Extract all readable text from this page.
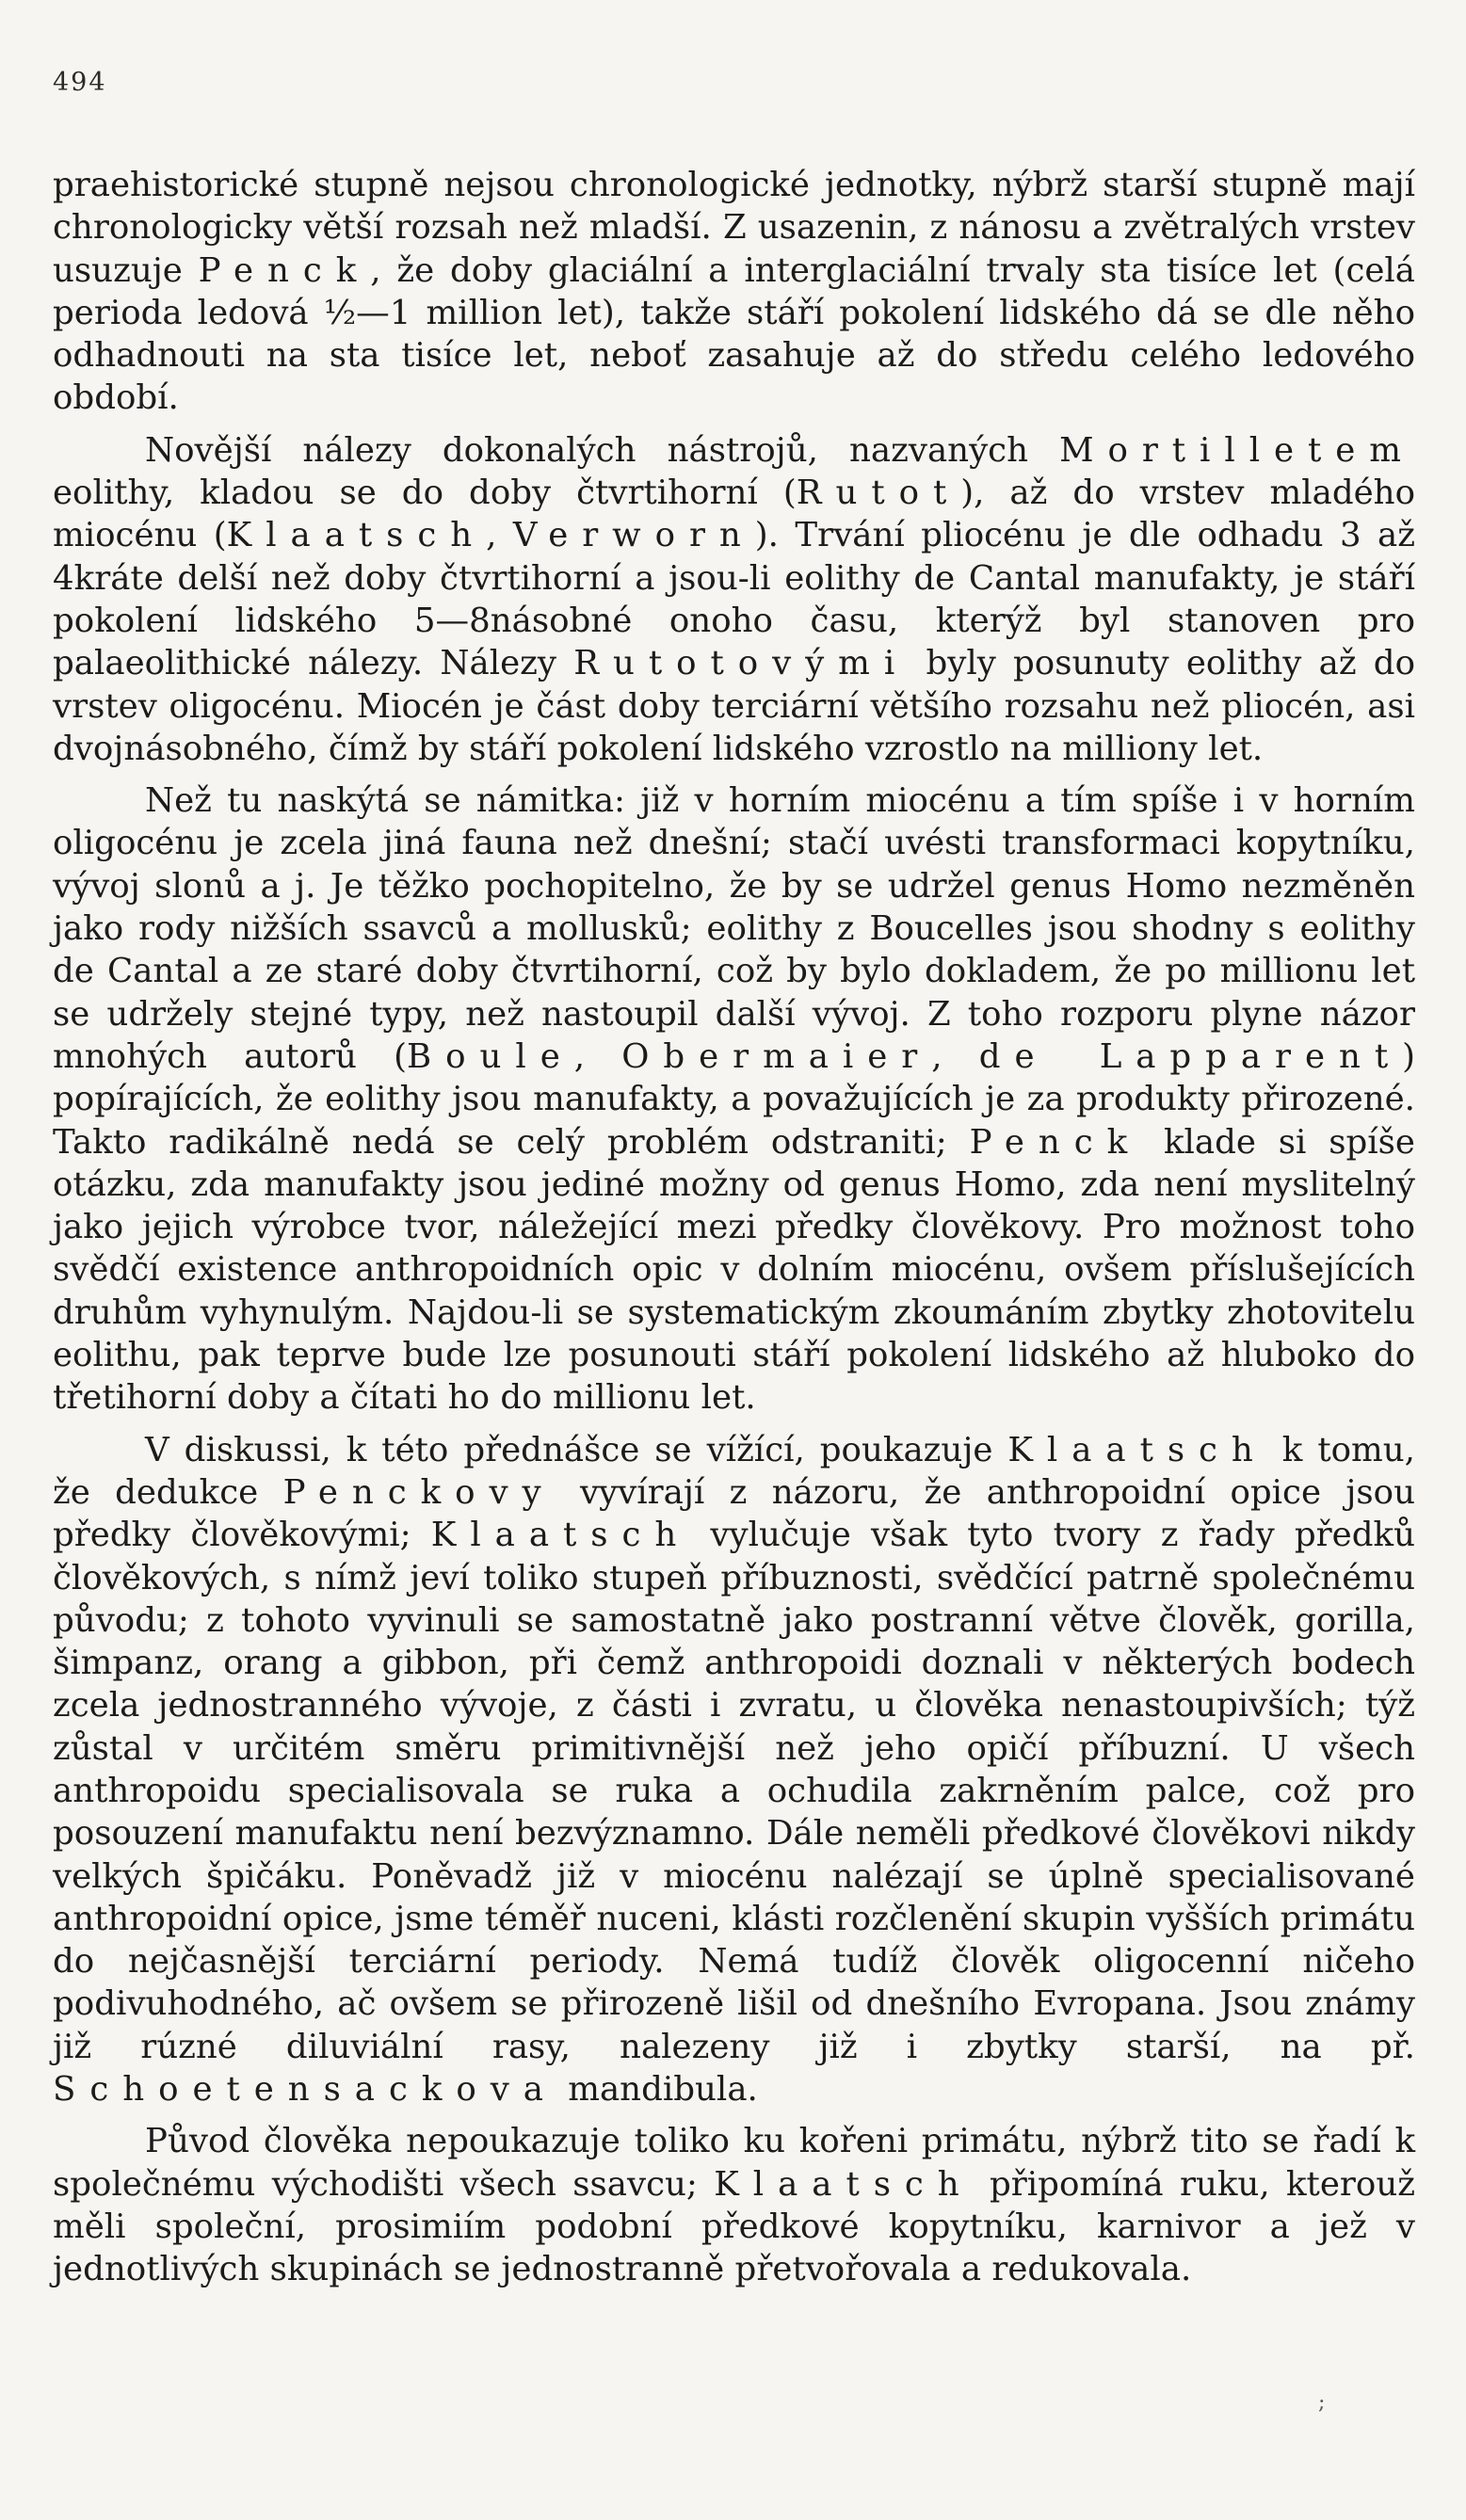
494

praehistorické stupně nejsou chronologické jednotky, nýbrž starší stupně mají chronologicky větší rozsah než mladší. Z usazenin, z nánosu a zvětralých vrstev usuzuje Penck, že doby glaciální a interglaciální trvaly sta tisíce let (celá perioda ledová ½—1 million let), takže stáří pokolení lidského dá se dle něho odhadnouti na sta tisíce let, neboť zasahuje až do středu celého ledového období.

Novější nálezy dokonalých nástrojů, nazvaných Mortilletem eolithy, kladou se do doby čtvrtihorní (Rutot), až do vrstev mladého miocénu (Klaatsch, Verworn). Trvání pliocénu je dle odhadu 3 až 4kráte delší než doby čtvrtihorní a jsou-li eolithy de Cantal manufakty, je stáří pokolení lidského 5—8násobné onoho času, kterýž byl stanoven pro palaeolithické nálezy. Nálezy Rutotovými byly posunuty eolithy až do vrstev oligocénu. Miocén je část doby terciární většího rozsahu než pliocén, asi dvojnásobného, čímž by stáří pokolení lidského vzrostlo na milliony let.

Než tu naskýtá se námitka: již v horním miocénu a tím spíše i v horním oligocénu je zcela jiná fauna než dnešní; stačí uvésti transformaci kopytníku, vývoj slonů a j. Je těžko pochopitelno, že by se udržel genus Homo nezměněn jako rody nižších ssavců a mollusků; eolithy z Boucelles jsou shodny s eolithy de Cantal a ze staré doby čtvrtihorní, což by bylo dokladem, že po millionu let se udržely stejné typy, než nastoupil další vývoj. Z toho rozporu plyne názor mnohých autorů (Boule, Obermaier, de Lapparent) popírajících, že eolithy jsou manufakty, a považujících je za produkty přirozené. Takto radikálně nedá se celý problém odstraniti; Penck klade si spíše otázku, zda manufakty jsou jediné možny od genus Homo, zda není myslitelný jako jejich výrobce tvor, náležející mezi předky člověkovy. Pro možnost toho svědčí existence anthropoidních opic v dolním miocénu, ovšem příslušejících druhům vyhynulým. Najdou-li se systematickým zkoumáním zbytky zhotovitelu eolithu, pak teprve bude lze posunouti stáří pokolení lidského až hluboko do třetihorní doby a čítati ho do millionu let.

V diskussi, k této přednášce se vížící, poukazuje Klaatsch k tomu, že dedukce Penckovy vyvírají z názoru, že anthropoidní opice jsou předky člověkovými; Klaatsch vylučuje však tyto tvory z řady předků člověkových, s nímž jeví toliko stupeň příbuznosti, svědčící patrně společnému původu; z tohoto vyvinuli se samostatně jako postranní větve člověk, gorilla, šimpanz, orang a gibbon, při čemž anthropoidi doznali v některých bodech zcela jednostranného vývoje, z části i zvratu, u člověka nenastoupivších; týž zůstal v určitém směru primitivnější než jeho opičí příbuzní. U všech anthropoidu specialisovala se ruka a ochudila zakrněním palce, což pro posouzení manufaktu není bezvýznamno. Dále neměli předkové člověkovi nikdy velkých špičáku. Poněvadž již v miocénu nalézají se úplně specialisované anthropoidní opice, jsme téměř nuceni, klásti rozčlenění skupin vyšších primátu do nejčasnější terciární periody. Nemá tudíž člověk oligocenní ničeho podivuhodného, ač ovšem se přirozeně lišil od dnešního Evropana. Jsou známy již rúzné diluviální rasy, nalezeny již i zbytky starší, na př. Schoetensackova mandibula.

Původ člověka nepoukazuje toliko ku kořeni primátu, nýbrž tito se řadí k společnému východišti všech ssavcu; Klaatsch připomíná ruku, kterouž měli společní, prosimiím podobní předkové kopytníku, karnivor a jež v jednotlivých skupinách se jednostranně přetvořovala a redukovala.

;
